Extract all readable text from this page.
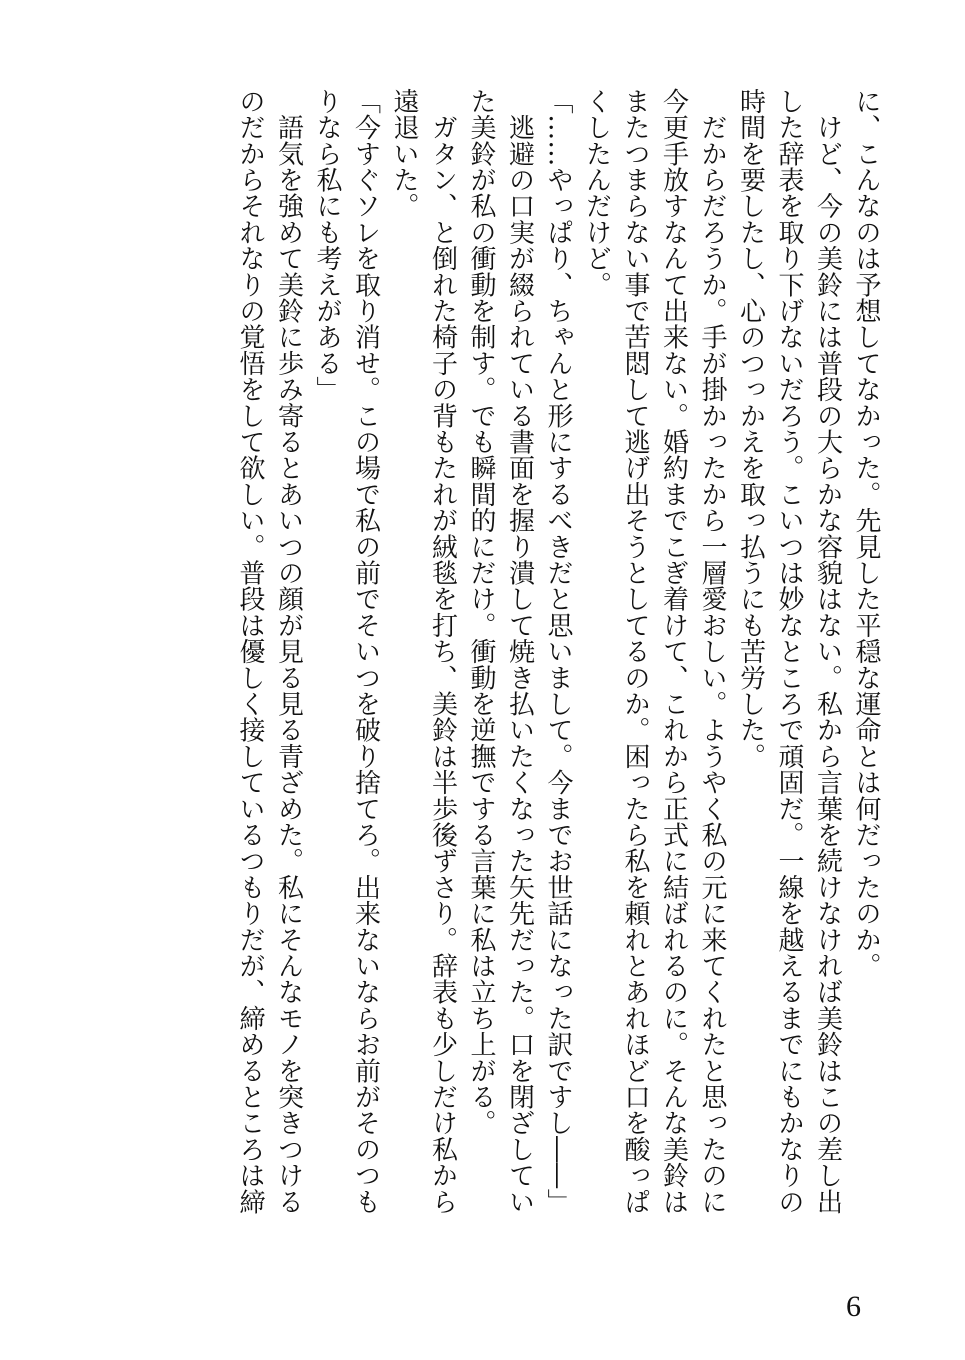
に、こんなのは予想してなかった。先見した平穏な運命とは何だったのか。

　けど、今の美鈴には普段の大らかな容貌はない。私から言葉を続けなければ美鈴はこの差し出した辞表を取り下げないだろう。こいつは妙なところで頑固だ。一線を越えるまでにもかなりの時間を要したし、心のつっかえを取っ払うにも苦労した。

　だからだろうか。手が掛かったから一層愛おしい。ようやく私の元に来てくれたと思ったのに今更手放すなんて出来ない。婚約までこぎ着けて、これから正式に結ばれるのに。そんな美鈴はまたつまらない事で苦悶して逃げ出そうとしてるのか。困ったら私を頼れとあれほど口を酸っぱくしたんだけど。

「……やっぱり、ちゃんと形にするべきだと思いまして。今までお世話になった訳ですし――」

　逃避の口実が綴られている書面を握り潰して焼き払いたくなった矢先だった。口を閉ざしていた美鈴が私の衝動を制す。でも瞬間的にだけ。衝動を逆撫でする言葉に私は立ち上がる。

　ガタン、と倒れた椅子の背もたれが絨毯を打ち、美鈴は半歩後ずさり。辞表も少しだけ私から遠退いた。

「今すぐソレを取り消せ。この場で私の前でそいつを破り捨てろ。出来ないならお前がそのつもりなら私にも考えがある」

　語気を強めて美鈴に歩み寄るとあいつの顔が見る見る青ざめた。私にそんなモノを突きつけるのだからそれなりの覚悟をして欲しい。普段は優しく接しているつもりだが、締めるところは締

6
